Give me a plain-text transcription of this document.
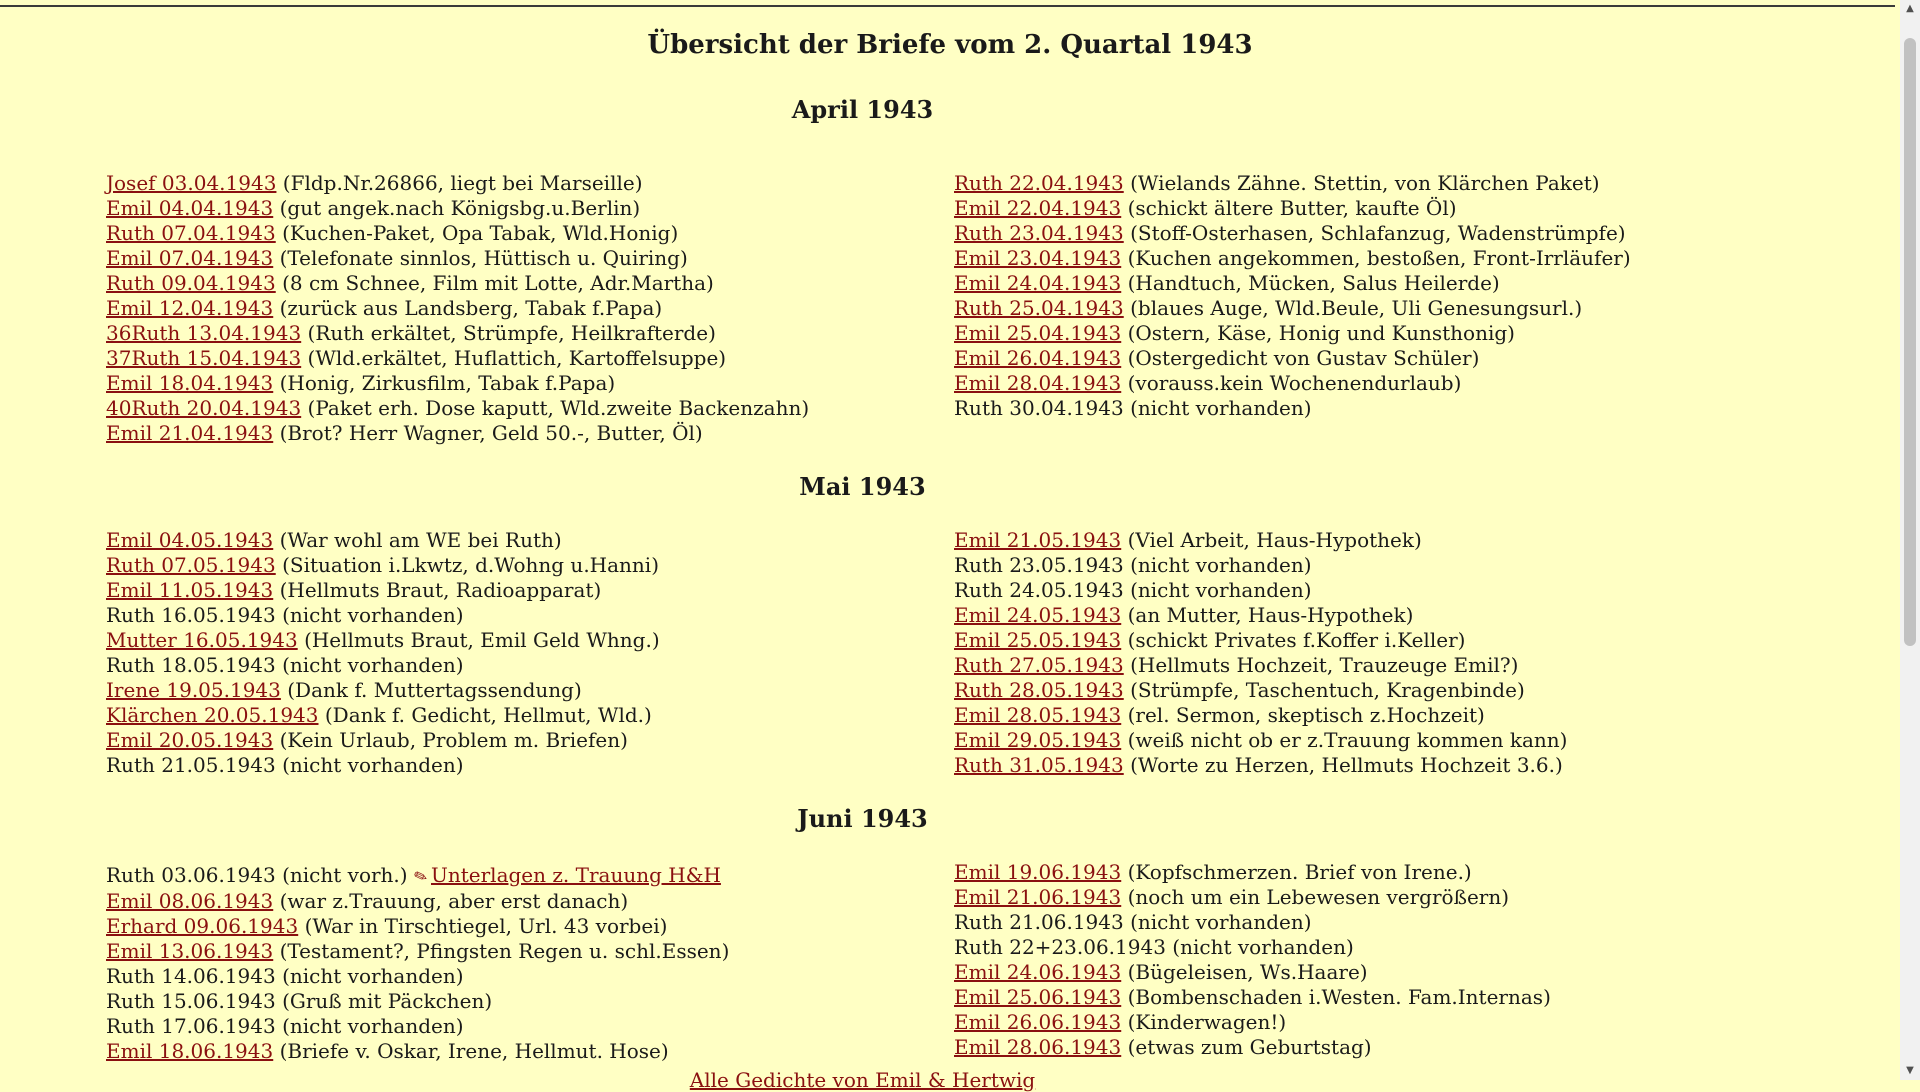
Übersicht der Briefe vom 2. Quartal 1943
April 1943
Josef 03.04.1943 (Fldp.Nr.26866, liegt bei Marseille)
Emil 04.04.1943 (gut angek.nach Königsbg.u.Berlin)
Ruth 07.04.1943 (Kuchen-Paket, Opa Tabak, Wld.Honig)
Emil 07.04.1943 (Telefonate sinnlos, Hüttisch u. Quiring)
Ruth 09.04.1943 (8 cm Schnee, Film mit Lotte, Adr.Martha)
Emil 12.04.1943 (zurück aus Landsberg, Tabak f.Papa)
36Ruth 13.04.1943 (Ruth erkältet, Strümpfe, Heilkrafterde)
37Ruth 15.04.1943 (Wld.erkältet, Huflattich, Kartoffelsuppe)
Emil 18.04.1943 (Honig, Zirkusfilm, Tabak f.Papa)
40Ruth 20.04.1943 (Paket erh. Dose kaputt, Wld.zweite Backenzahn)
Emil 21.04.1943 (Brot? Herr Wagner, Geld 50.-, Butter, Öl)
Ruth 22.04.1943 (Wielands Zähne. Stettin, von Klärchen Paket)
Emil 22.04.1943 (schickt ältere Butter, kaufte Öl)
Ruth 23.04.1943 (Stoff-Osterhasen, Schlafanzug, Wadenstrümpfe)
Emil 23.04.1943 (Kuchen angekommen, bestoßen, Front-Irrläufer)
Emil 24.04.1943 (Handtuch, Mücken, Salus Heilerde)
Ruth 25.04.1943 (blaues Auge, Wld.Beule, Uli Genesungsurl.)
Emil 25.04.1943 (Ostern, Käse, Honig und Kunsthonig)
Emil 26.04.1943 (Ostergedicht von Gustav Schüler)
Emil 28.04.1943 (vorauss.kein Wochenendurlaub)
Ruth 30.04.1943 (nicht vorhanden)
Mai 1943
Emil 04.05.1943 (War wohl am WE bei Ruth)
Ruth 07.05.1943 (Situation i.Lkwtz, d.Wohng u.Hanni)
Emil 11.05.1943 (Hellmuts Braut, Radioapparat)
Ruth 16.05.1943 (nicht vorhanden)
Mutter 16.05.1943 (Hellmuts Braut, Emil Geld Whng.)
Ruth 18.05.1943 (nicht vorhanden)
Irene 19.05.1943 (Dank f. Muttertagssendung)
Klärchen 20.05.1943 (Dank f. Gedicht, Hellmut, Wld.)
Emil 20.05.1943 (Kein Urlaub, Problem m. Briefen)
Ruth 21.05.1943 (nicht vorhanden)
Emil 21.05.1943 (Viel Arbeit, Haus-Hypothek)
Ruth 23.05.1943 (nicht vorhanden)
Ruth 24.05.1943 (nicht vorhanden)
Emil 24.05.1943 (an Mutter, Haus-Hypothek)
Emil 25.05.1943 (schickt Privates f.Koffer i.Keller)
Ruth 27.05.1943 (Hellmuts Hochzeit, Trauzeuge Emil?)
Ruth 28.05.1943 (Strümpfe, Taschentuch, Kragenbinde)
Emil 28.05.1943 (rel. Sermon, skeptisch z.Hochzeit)
Emil 29.05.1943 (weiß nicht ob er z.Trauung kommen kann)
Ruth 31.05.1943 (Worte zu Herzen, Hellmuts Hochzeit 3.6.)
Juni 1943
Ruth 03.06.1943 (nicht vorh.) ✎Unterlagen z. Trauung H&H
Emil 08.06.1943 (war z.Trauung, aber erst danach)
Erhard 09.06.1943 (War in Tirschtiegel, Url. 43 vorbei)
Emil 13.06.1943 (Testament?, Pfingsten Regen u. schl.Essen)
Ruth 14.06.1943 (nicht vorhanden)
Ruth 15.06.1943 (Gruß mit Päckchen)
Ruth 17.06.1943 (nicht vorhanden)
Emil 18.06.1943 (Briefe v. Oskar, Irene, Hellmut. Hose)
Emil 19.06.1943 (Kopfschmerzen. Brief von Irene.)
Emil 21.06.1943 (noch um ein Lebewesen vergrößern)
Ruth 21.06.1943 (nicht vorhanden)
Ruth 22+23.06.1943 (nicht vorhanden)
Emil 24.06.1943 (Bügeleisen, Ws.Haare)
Emil 25.06.1943 (Bombenschaden i.Westen. Fam.Internas)
Emil 26.06.1943 (Kinderwagen!)
Emil 28.06.1943 (etwas zum Geburtstag)
Alle Gedichte von Emil & Hertwig
▲
▼
